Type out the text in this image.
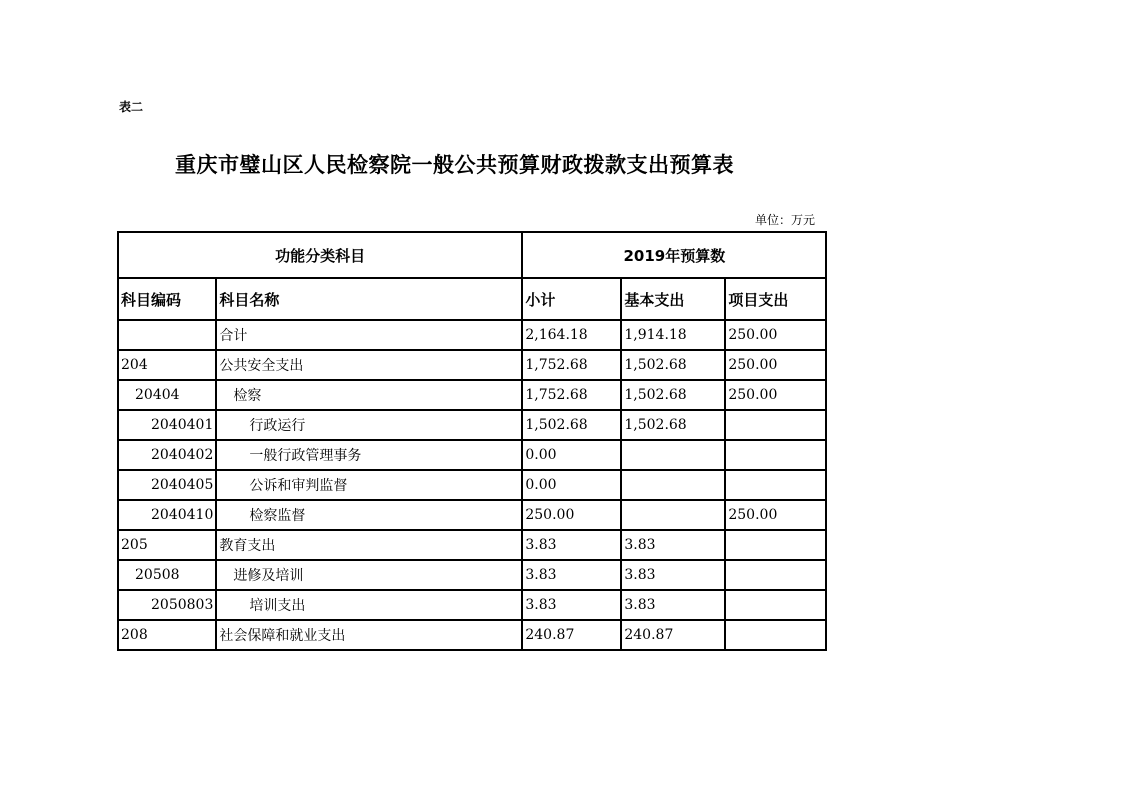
表二
重庆市璧山区人民检察院一般公共预算财政拨款支出预算表
单位：万元
功能分类科目		2019年预算数		
科目编码	科目名称	小计	基本支出	项目支出
	合计	2,164.18	1,914.18	250.00
204	公共安全支出	1,752.68	1,502.68	250.00
20404	检察	1,752.68	1,502.68	250.00
2040401	行政运行	1,502.68	1,502.68	
2040402	一般行政管理事务	0.00		
2040405	公诉和审判监督	0.00		
2040410	检察监督	250.00		250.00
205	教育支出	3.83	3.83	
20508	进修及培训	3.83	3.83	
2050803	培训支出	3.83	3.83	
208	社会保障和就业支出	240.87	240.87	
